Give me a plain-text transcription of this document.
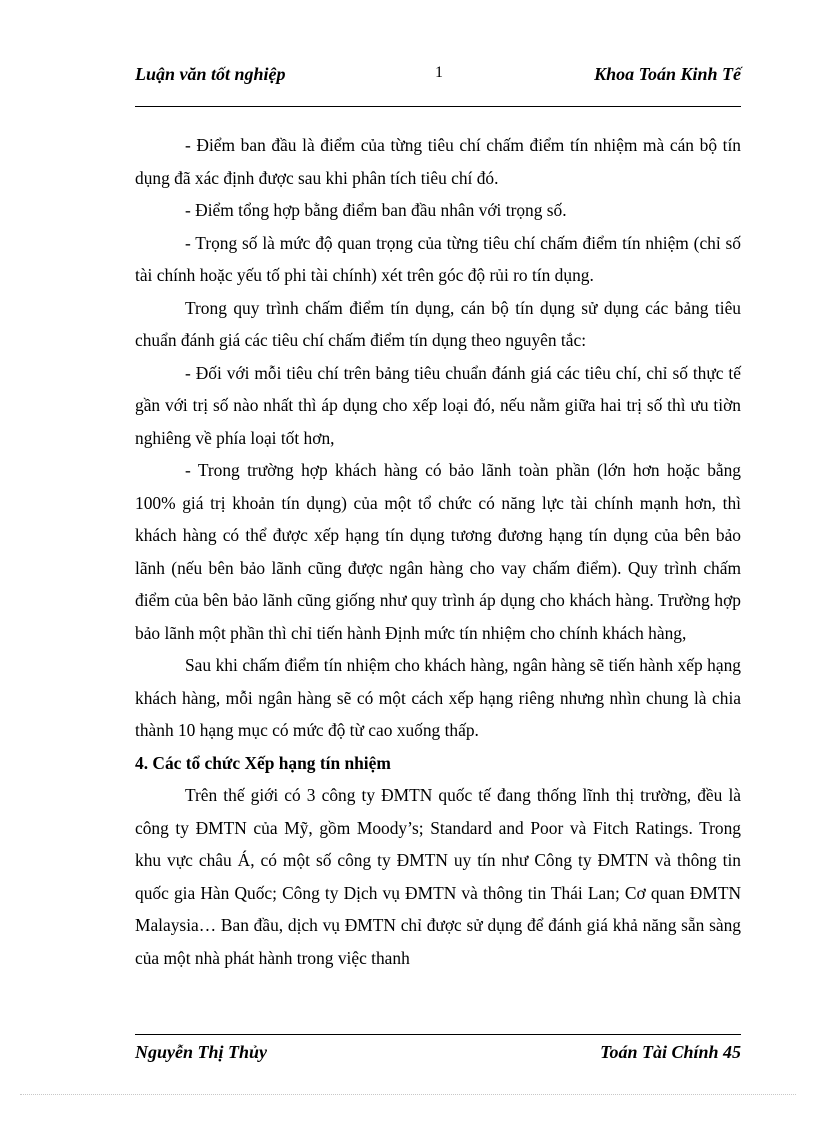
Luận văn tốt nghiệp	1	Khoa Toán Kinh Tế

- Điểm ban đầu là điểm của từng tiêu chí chấm điểm tín nhiệm mà cán bộ tín dụng đã xác định được sau khi phân tích tiêu chí đó.

- Điểm tổng hợp bằng điểm ban đầu nhân với trọng số.

- Trọng số là mức độ quan trọng của từng tiêu chí chấm điểm tín nhiệm (chỉ số tài chính hoặc yếu tố phi tài chính) xét trên góc độ rủi ro tín dụng.

Trong quy trình chấm điểm tín dụng, cán bộ tín dụng sử dụng các bảng tiêu chuẩn đánh giá các tiêu chí chấm điểm tín dụng theo nguyên tắc:

- Đối với mỗi tiêu chí trên bảng tiêu chuẩn đánh giá các tiêu chí, chỉ số thực tế gần với trị số nào nhất thì áp dụng cho xếp loại đó, nếu nằm giữa hai trị số thì ưu tiờn nghiêng về phía loại tốt hơn,

- Trong trường hợp khách hàng có bảo lãnh toàn phần (lớn hơn hoặc bằng 100% giá trị khoản tín dụng) của một tổ chức có năng lực tài chính mạnh hơn, thì khách hàng có thể được xếp hạng tín dụng tương đương hạng tín dụng của bên bảo lãnh (nếu bên bảo lãnh cũng được ngân hàng cho vay chấm điểm). Quy trình chấm điểm của bên bảo lãnh cũng giống như quy trình áp dụng cho khách hàng. Trường hợp bảo lãnh một phần thì chỉ tiến hành Định mức tín nhiệm cho chính khách hàng,

Sau khi chấm điểm tín nhiệm cho khách hàng, ngân hàng sẽ tiến hành xếp hạng khách hàng, mỗi ngân hàng sẽ có một cách xếp hạng riêng nhưng nhìn chung là chia thành 10 hạng mục có mức độ từ cao xuống thấp.

4. Các tổ chức Xếp hạng tín nhiệm

Trên thế giới có 3 công ty ĐMTN quốc tế đang thống lĩnh thị trường, đều là công ty ĐMTN của Mỹ, gồm Moody’s; Standard and Poor và Fitch Ratings. Trong khu vực châu Á, có một số công ty ĐMTN uy tín như Công ty ĐMTN và thông tin quốc gia Hàn Quốc; Công ty Dịch vụ ĐMTN và thông tin Thái Lan; Cơ quan ĐMTN Malaysia… Ban đầu, dịch vụ ĐMTN chỉ được sử dụng để đánh giá khả năng sẵn sàng của một nhà phát hành trong việc thanh

Nguyễn Thị Thủy	Toán Tài Chính 45
